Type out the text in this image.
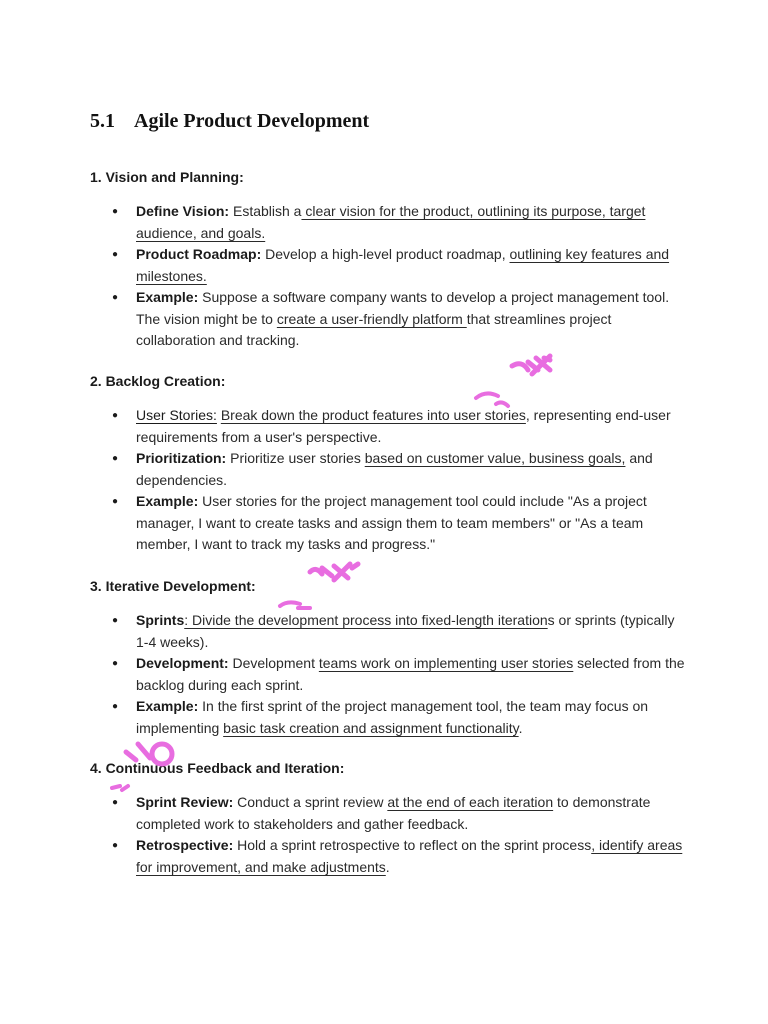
5.1 Agile Product Development

1. Vision and Planning:

● Define Vision: Establish a clear vision for the product, outlining its purpose, target audience, and goals.
● Product Roadmap: Develop a high-level product roadmap, outlining key features and milestones.
● Example: Suppose a software company wants to develop a project management tool. The vision might be to create a user-friendly platform that streamlines project collaboration and tracking.

2. Backlog Creation:

● User Stories: Break down the product features into user stories, representing end-user requirements from a user's perspective.
● Prioritization: Prioritize user stories based on customer value, business goals, and dependencies.
● Example: User stories for the project management tool could include "As a project manager, I want to create tasks and assign them to team members" or "As a team member, I want to track my tasks and progress."

3. Iterative Development:

● Sprints: Divide the development process into fixed-length iterations or sprints (typically 1-4 weeks).
● Development: Development teams work on implementing user stories selected from the backlog during each sprint.
● Example: In the first sprint of the project management tool, the team may focus on implementing basic task creation and assignment functionality.

4. Continuous Feedback and Iteration:

● Sprint Review: Conduct a sprint review at the end of each iteration to demonstrate completed work to stakeholders and gather feedback.
● Retrospective: Hold a sprint retrospective to reflect on the sprint process, identify areas for improvement, and make adjustments.
